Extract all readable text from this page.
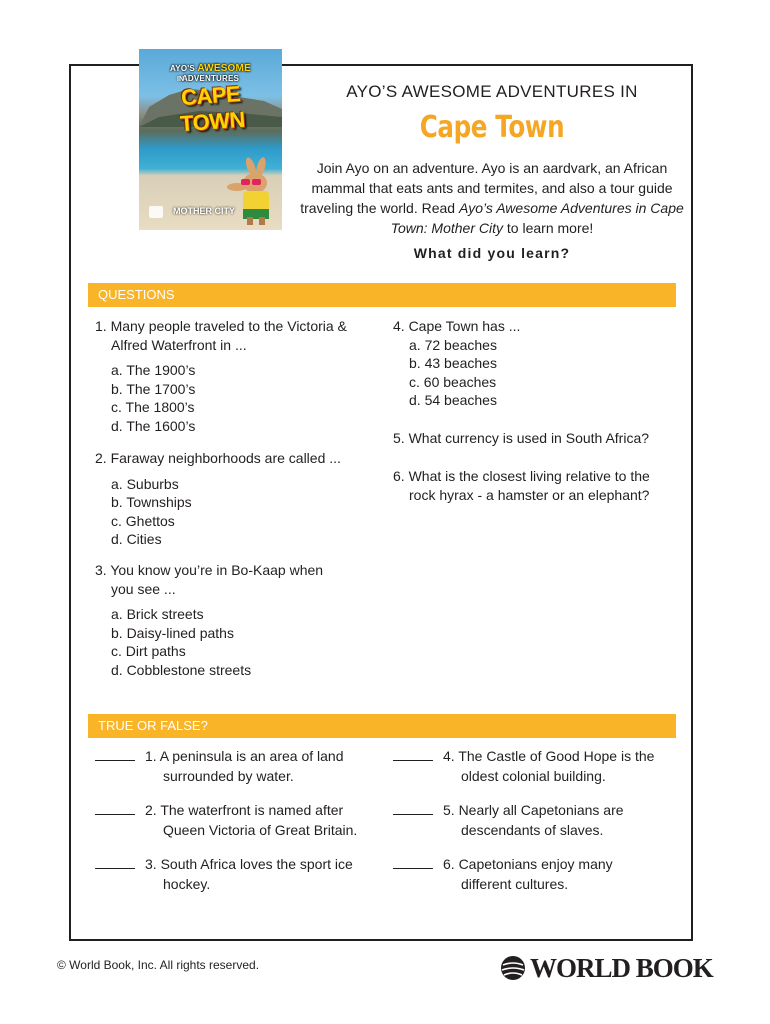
AYO'S AWESOME ADVENTURES
IN
CAPE TOWN
MOTHER CITY
AYO’S AWESOME ADVENTURES IN
Cape Town
Join Ayo on an adventure. Ayo is an aardvark, an African mammal that eats ants and termites, and also a tour guide traveling the world. Read Ayo’s Awesome Adventures in Cape Town: Mother City to learn more!
What did you learn?
QUESTIONS
1. Many people traveled to the Victoria &
Alfred Waterfront in ...
a. The 1900’s
b. The 1700’s
c. The 1800’s
d. The 1600’s
2. Faraway neighborhoods are called ...
a. Suburbs
b. Townships
c. Ghettos
d. Cities
3. You know you’re in Bo-Kaap when
you see ...
a. Brick streets
b. Daisy-lined paths
c. Dirt paths
d. Cobblestone streets
4. Cape Town has ...
a. 72 beaches
b. 43 beaches
c. 60 beaches
d. 54 beaches
5. What currency is used in South Africa?
6. What is the closest living relative to the
rock hyrax - a hamster or an elephant?
TRUE OR FALSE?
1. A peninsula is an area of land
surrounded by water.
2. The waterfront is named after
Queen Victoria of Great Britain.
3. South Africa loves the sport ice
hockey.
4. The Castle of Good Hope is the
oldest colonial building.
5. Nearly all Capetonians are
descendants of slaves.
6. Capetonians enjoy many
different cultures.
© World Book, Inc. All rights reserved.	WORLD BOOK
